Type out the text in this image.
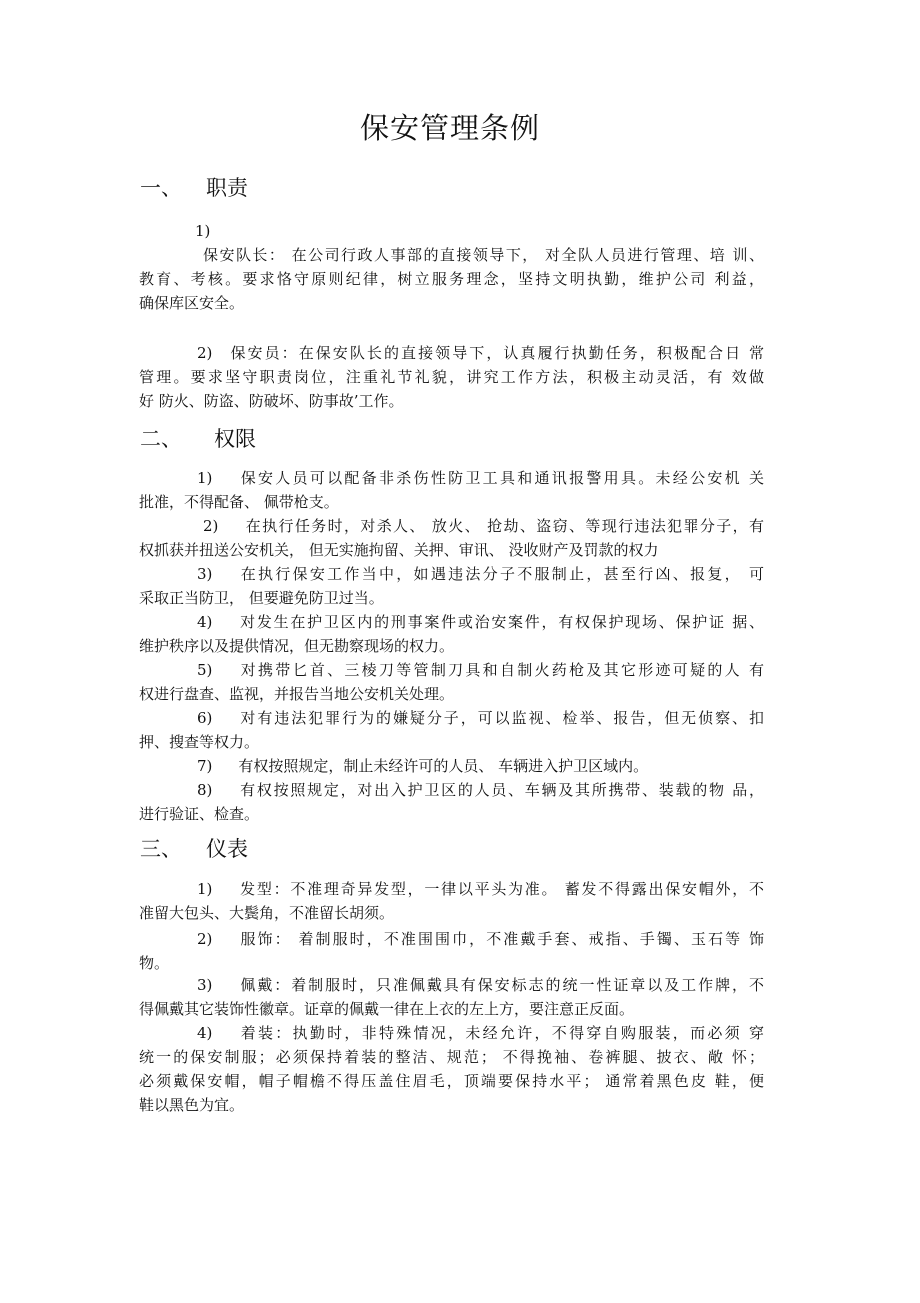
保安管理条例
一、 职责
1)
保安队长： 在公司行政人事部的直接领导下， 对全队人员进行管理、培 训、
教育、考核。要求恪守原则纪律，树立服务理念，坚持文明执勤，维护公司 利益，
确保库区安全。
2) 保安员：在保安队长的直接领导下，认真履行执勤任务，积极配合日 常
管理。要求坚守职责岗位，注重礼节礼貌，讲究工作方法，积极主动灵活，有 效做
好 防火、防盗、防破坏、防事故’工作。
二、 权限
1) 保安人员可以配备非杀伤性防卫工具和通讯报警用具。未经公安机 关
批准，不得配备、 佩带枪支。
2) 在执行任务时，对杀人、 放火、 抢劫、盗窃、等现行违法犯罪分子，有
权抓获并扭送公安机关， 但无实施拘留、关押、审讯、 没收财产及罚款的权力
3) 在执行保安工作当中，如遇违法分子不服制止，甚至行凶、报复， 可
采取正当防卫， 但要避免防卫过当。
4) 对发生在护卫区内的刑事案件或治安案件，有权保护现场、保护证 据、
维护秩序以及提供情况，但无勘察现场的权力。
5) 对携带匕首、三棱刀等管制刀具和自制火药枪及其它形迹可疑的人 有
权进行盘查、监视，并报告当地公安机关处理。
6) 对有违法犯罪行为的嫌疑分子，可以监视、检举、报告，但无侦察、扣
押、搜查等权力。
7) 有权按照规定，制止未经许可的人员、 车辆进入护卫区域内。
8) 有权按照规定，对出入护卫区的人员、车辆及其所携带、装载的物 品，
进行验证、检查。
三、 仪表
1) 发型：不准理奇异发型，一律以平头为准。 蓄发不得露出保安帽外，不
准留大包头、大鬓角，不准留长胡须。
2) 服饰： 着制服时，不准围围巾，不准戴手套、戒指、手镯、玉石等 饰
物。
3) 佩戴：着制服时，只准佩戴具有保安标志的统一性证章以及工作牌，不
得佩戴其它装饰性徽章。证章的佩戴一律在上衣的左上方，要注意正反面。
4) 着装：执勤时，非特殊情况，未经允许，不得穿自购服装，而必须 穿
统一的保安制服；必须保持着装的整洁、规范； 不得挽袖、卷裤腿、披衣、敞 怀；
必须戴保安帽，帽子帽檐不得压盖住眉毛，顶端要保持水平； 通常着黑色皮 鞋，便
鞋以黑色为宜。
